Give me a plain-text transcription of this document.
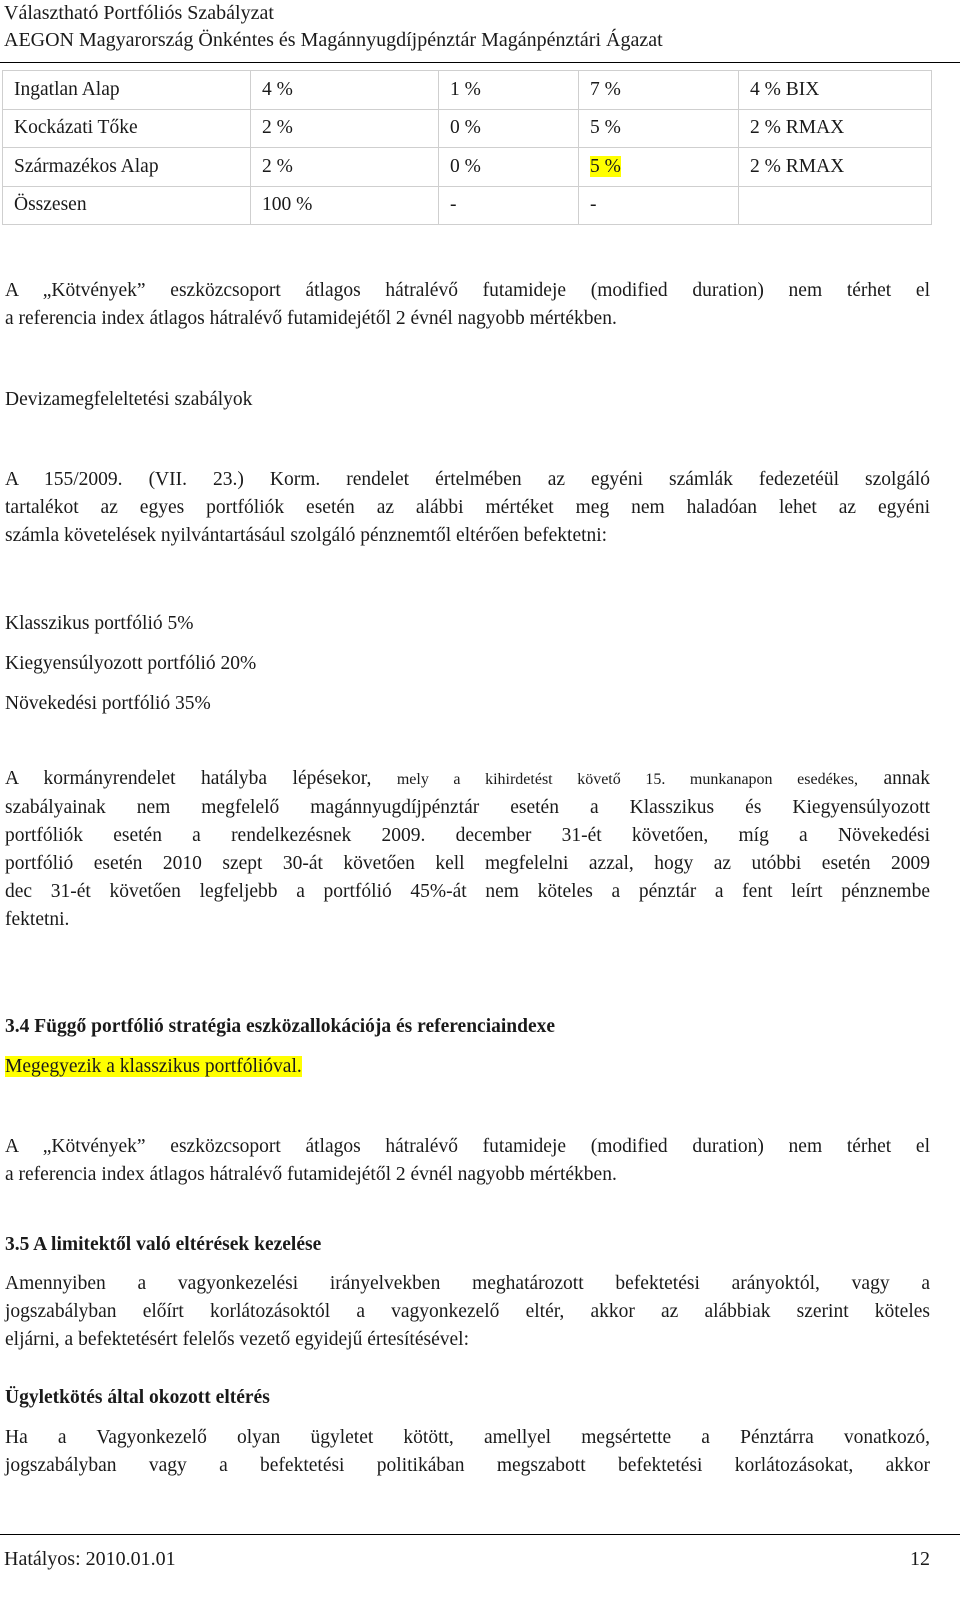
Választható Portfóliós Szabályzat
AEGON Magyarország Önkéntes és Magánnyugdíjpénztár Magánpénztári Ágazat
Ingatlan Alap	4 %	1 %	7 %	4 % BIX
Kockázati Tőke	2 %	0 %	5 %	2 % RMAX
Származékos Alap	2 %	0 %	5 %	2 % RMAX
Összesen	100 %	-	-	
A „Kötvények” eszközcsoport átlagos hátralévő futamideje (modified duration) nem térhet el
a referencia index átlagos hátralévő futamidejétől 2 évnél nagyobb mértékben.
Devizamegfeleltetési szabályok
A 155/2009. (VII. 23.) Korm. rendelet értelmében az egyéni számlák fedezetéül szolgáló
tartalékot az egyes portfóliók esetén az alábbi mértéket meg nem haladóan lehet az egyéni
számla követelések nyilvántartásául szolgáló pénznemtől eltérően befektetni:
Klasszikus portfólió 5%
Kiegyensúlyozott portfólió 20%
Növekedési portfólió 35%
A kormányrendelet hatályba lépésekor, mely a kihirdetést követő 15. munkanapon esedékes, annak
szabályainak nem megfelelő magánnyugdíjpénztár esetén a Klasszikus és Kiegyensúlyozott
portfóliók esetén a rendelkezésnek 2009. december 31-ét követően, míg a Növekedési
portfólió esetén 2010 szept 30-át követően kell megfelelni azzal, hogy az utóbbi esetén 2009
dec 31-ét követően legfeljebb a portfólió 45%-át nem köteles a pénztár a fent leírt pénznembe
fektetni.
3.4 Függő portfólió stratégia eszközallokációja és referenciaindexe
Megegyezik a klasszikus portfólióval.
A „Kötvények” eszközcsoport átlagos hátralévő futamideje (modified duration) nem térhet el
a referencia index átlagos hátralévő futamidejétől 2 évnél nagyobb mértékben.
3.5 A limitektől való eltérések kezelése
Amennyiben a vagyonkezelési irányelvekben meghatározott befektetési arányoktól, vagy a
jogszabályban előírt korlátozásoktól a vagyonkezelő eltér, akkor az alábbiak szerint köteles
eljárni, a befektetésért felelős vezető egyidejű értesítésével:
Ügyletkötés által okozott eltérés
Ha a Vagyonkezelő olyan ügyletet kötött, amellyel megsértette a Pénztárra vonatkozó,
jogszabályban vagy a befektetési politikában megszabott befektetési korlátozásokat, akkor
Hatályos: 2010.01.01	12
